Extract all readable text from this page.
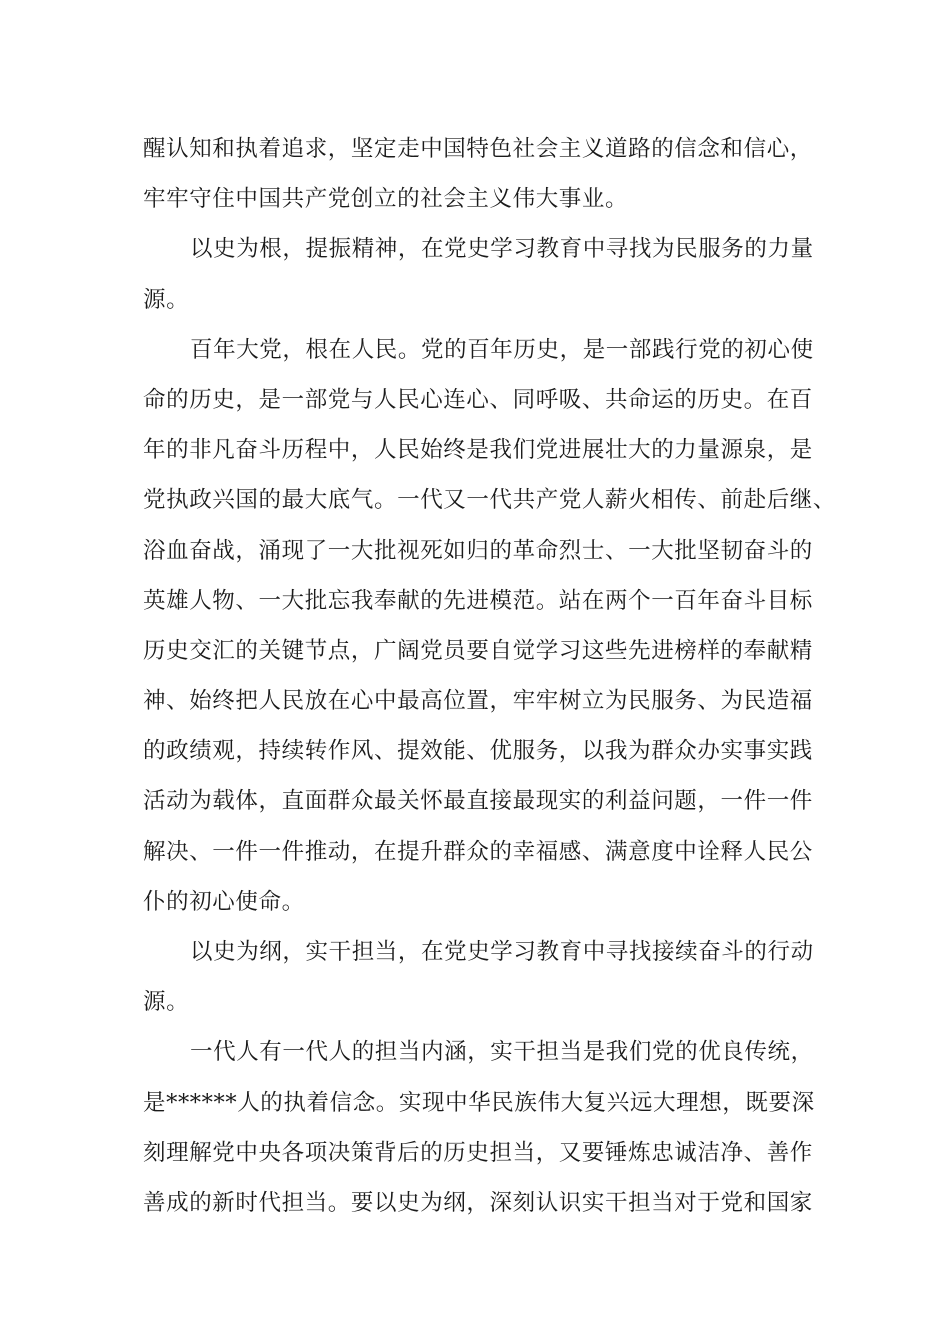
醒认知和执着追求，坚定走中国特色社会主义道路的信念和信心，
牢牢守住中国共产党创立的社会主义伟大事业。
以史为根，提振精神，在党史学习教育中寻找为民服务的力量
源。
百年大党，根在人民。党的百年历史，是一部践行党的初心使
命的历史，是一部党与人民心连心、同呼吸、共命运的历史。在百
年的非凡奋斗历程中，人民始终是我们党进展壮大的力量源泉，是
党执政兴国的最大底气。一代又一代共产党人薪火相传、前赴后继、
浴血奋战，涌现了一大批视死如归的革命烈士、一大批坚韧奋斗的
英雄人物、一大批忘我奉献的先进模范。站在两个一百年奋斗目标
历史交汇的关键节点，广阔党员要自觉学习这些先进榜样的奉献精
神、始终把人民放在心中最高位置，牢牢树立为民服务、为民造福
的政绩观，持续转作风、提效能、优服务，以我为群众办实事实践
活动为载体，直面群众最关怀最直接最现实的利益问题，一件一件
解决、一件一件推动，在提升群众的幸福感、满意度中诠释人民公
仆的初心使命。
以史为纲，实干担当，在党史学习教育中寻找接续奋斗的行动
源。
一代人有一代人的担当内涵，实干担当是我们党的优良传统，
是******人的执着信念。实现中华民族伟大复兴远大理想，既要深
刻理解党中央各项决策背后的历史担当，又要锤炼忠诚洁净、善作
善成的新时代担当。要以史为纲，深刻认识实干担当对于党和国家
